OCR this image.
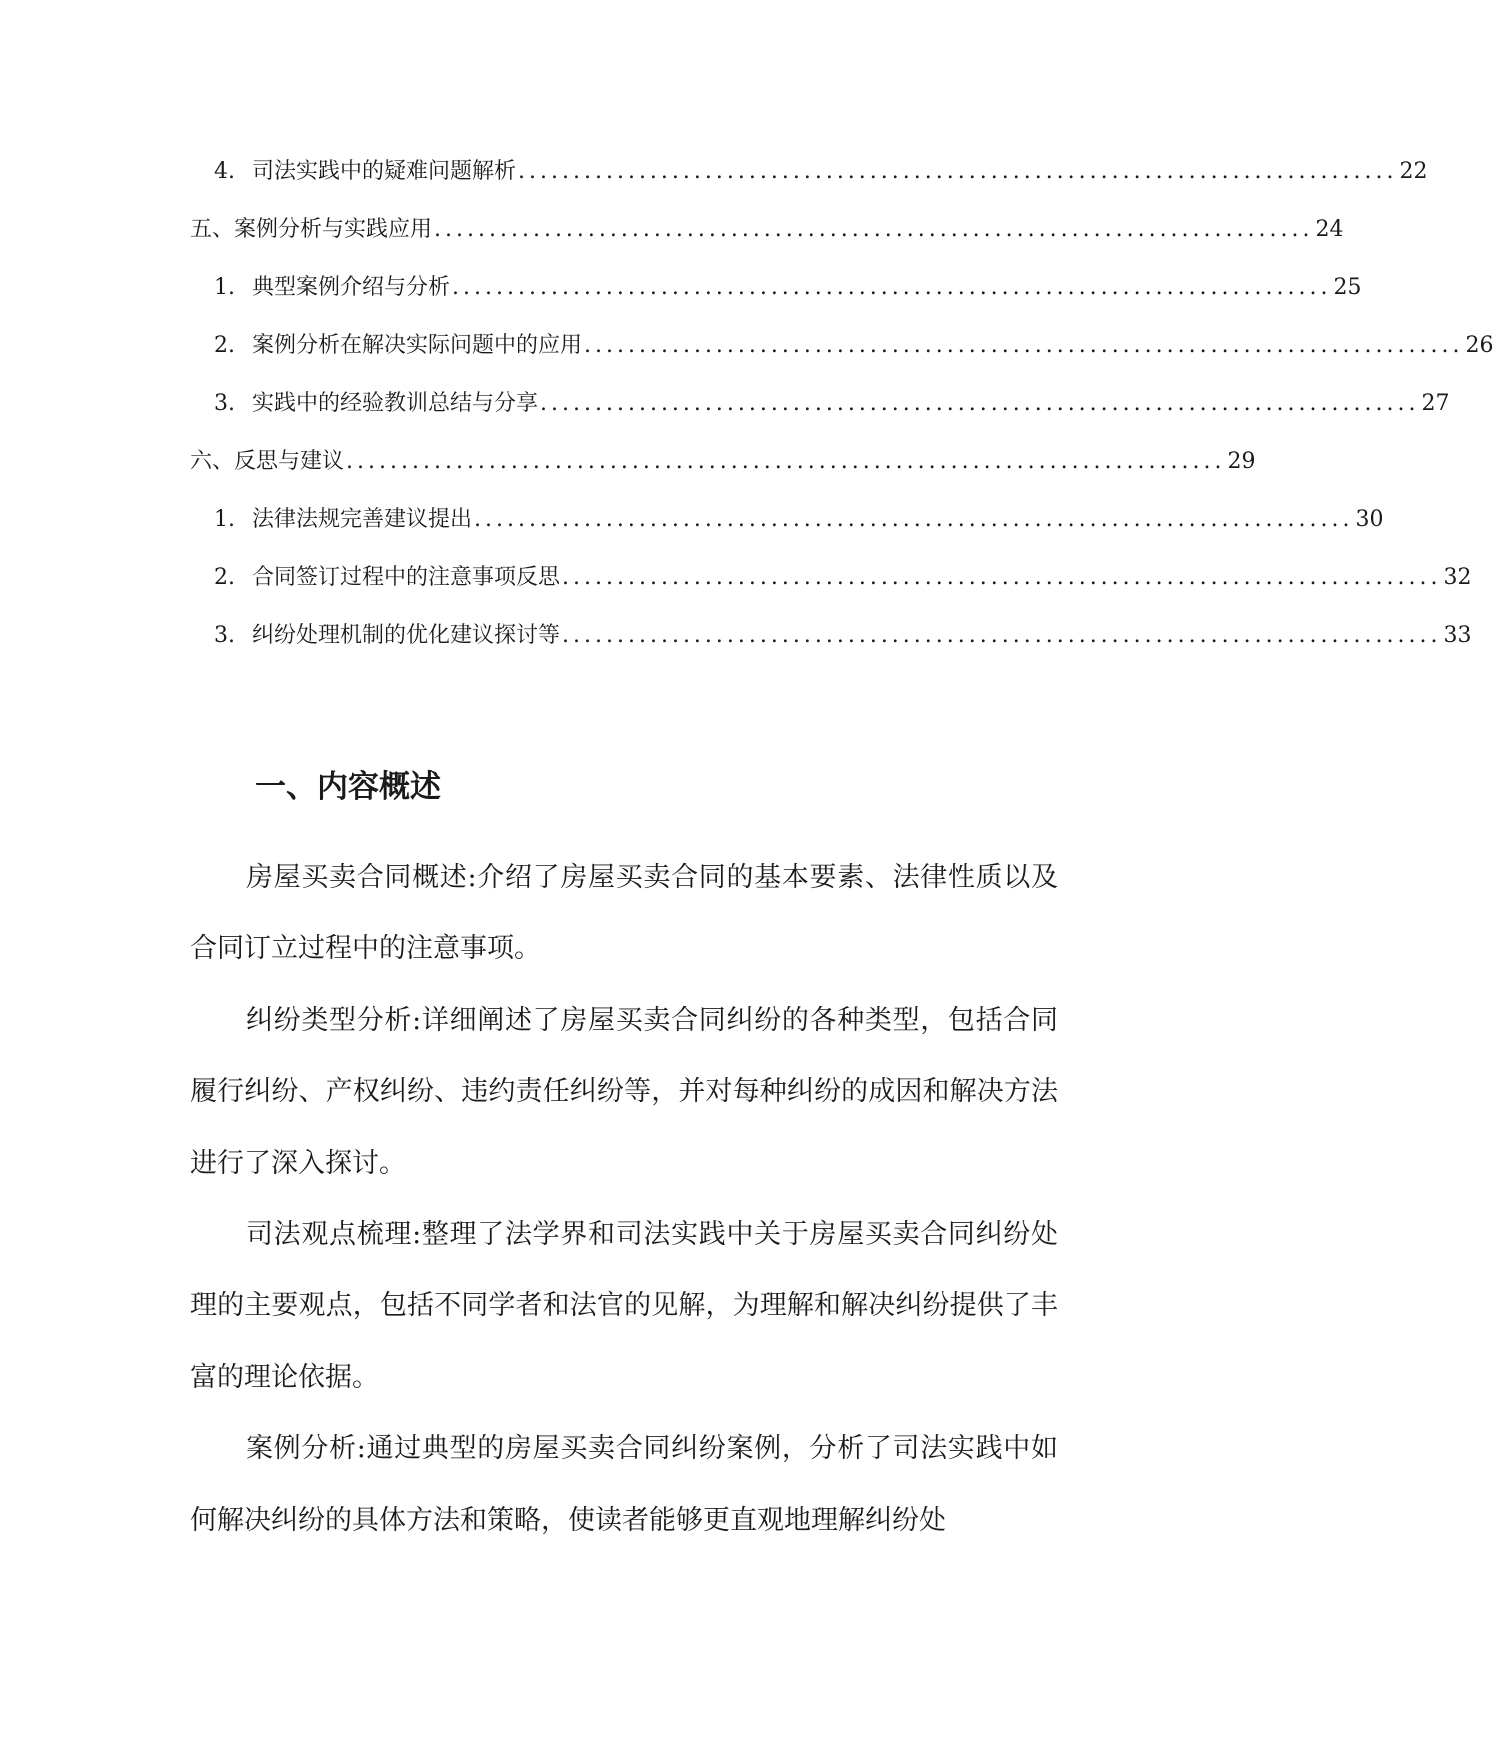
4. 司法实践中的疑难问题解析 ................................................................................ 22
五、案例分析与实践应用 ................................................................................ 24
1. 典型案例介绍与分析 ................................................................................ 25
2. 案例分析在解决实际问题中的应用 ................................................................................ 26
3. 实践中的经验教训总结与分享 ................................................................................ 27
六、反思与建议 ................................................................................ 29
1. 法律法规完善建议提出 ................................................................................ 30
2. 合同签订过程中的注意事项反思 ................................................................................ 32
3. 纠纷处理机制的优化建议探讨等 ................................................................................ 33
一、内容概述

房屋买卖合同概述:介绍了房屋买卖合同的基本要素、法律性质以及合同订立过程中的注意事项。

纠纷类型分析:详细阐述了房屋买卖合同纠纷的各种类型，包括合同履行纠纷、产权纠纷、违约责任纠纷等，并对每种纠纷的成因和解决方法进行了深入探讨。

司法观点梳理:整理了法学界和司法实践中关于房屋买卖合同纠纷处理的主要观点，包括不同学者和法官的见解，为理解和解决纠纷提供了丰富的理论依据。

案例分析:通过典型的房屋买卖合同纠纷案例，分析了司法实践中如何解决纠纷的具体方法和策略，使读者能够更直观地理解纠纷处
